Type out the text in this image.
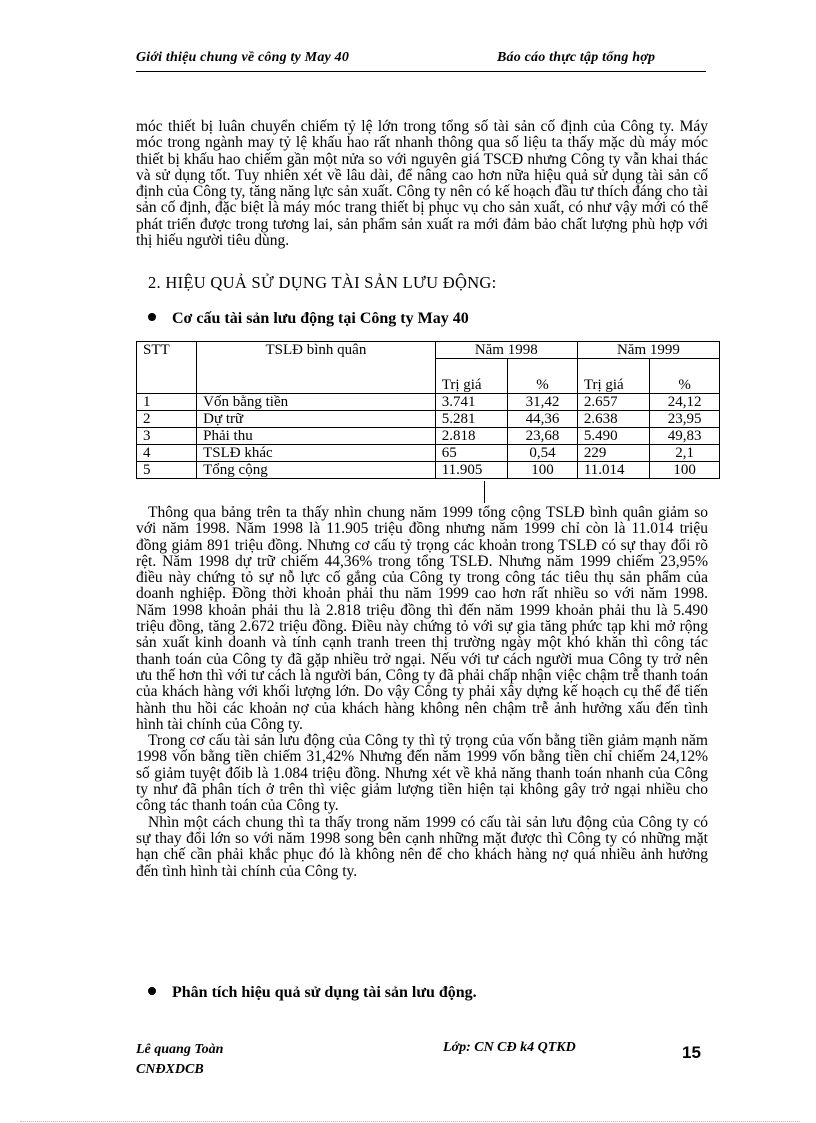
Giới thiệu chung về công ty May 40	Báo cáo thực tập tổng hợp

móc thiết bị luân chuyển chiếm tỷ lệ lớn trong tổng số tài sản cố định của Công ty. Máy móc trong ngành may tỷ lệ khấu hao rất nhanh thông qua số liệu ta thấy mặc dù máy móc thiết bị khấu hao chiếm gần một nửa so với nguyên giá TSCĐ nhưng Công ty vẫn khai thác và sử dụng tốt. Tuy nhiên xét về lâu dài, để nâng cao hơn nữa hiệu quả sử dụng tài sản cố định của Công ty, tăng năng lực sản xuất. Công ty nên có kế hoạch đầu tư thích đáng cho tài sản cố định, đặc biệt là máy móc trang thiết bị phục vụ cho sản xuất, có như vậy mới có thể phát triển được trong tương lai, sản phẩm sản xuất ra mới đảm bảo chất lượng phù hợp với thị hiếu người tiêu dùng.

2. HIỆU QUẢ SỬ DỤNG TÀI SẢN LƯU ĐỘNG:
Cơ cấu tài sản lưu động tại Công ty May 40
STT	TSLĐ bình quân	Năm 1998		Năm 1999	
		Trị giá	%	Trị giá	%
1	Vốn bằng tiền	3.741	31,42	2.657	24,12
2	Dự trữ	5.281	44,36	2.638	23,95
3	Phải thu	2.818	23,68	5.490	49,83
4	TSLĐ khác	65	0,54	229	2,1
5	Tổng cộng	11.905	100	11.014	100

Thông qua bảng trên ta thấy nhìn chung năm 1999 tổng cộng TSLĐ bình quân giảm so với năm 1998. Năm 1998 là 11.905 triệu đồng nhưng năm 1999 chỉ còn là 11.014 triệu đồng giảm 891 triệu đồng. Nhưng cơ cấu tỷ trọng các khoản trong TSLĐ có sự thay đổi rõ rệt. Năm 1998 dự trữ chiếm 44,36% trong tổng TSLĐ. Nhưng năm 1999 chiếm 23,95% điều này chứng tỏ sự nỗ lực cố gắng của Công ty trong công tác tiêu thụ sản phẩm của doanh nghiệp. Đồng thời khoản phải thu năm 1999 cao hơn rất nhiều so với năm 1998. Năm 1998 khoản phải thu là 2.818 triệu đồng thì đến năm 1999 khoản phải thu là 5.490 triệu đồng, tăng 2.672 triệu đồng. Điều này chứng tỏ với sự gia tăng phức tạp khi mở rộng sản xuất kinh doanh và tính cạnh tranh treen thị trường ngày một khó khăn thì công tác thanh toán của Công ty đã gặp nhiều trở ngại. Nếu với tư cách người mua Công ty trở nên ưu thế hơn thì với tư cách là người bán, Công ty đã phải chấp nhận việc chậm trễ thanh toán của khách hàng với khối lượng lớn. Do vậy Công ty phải xây dựng kế hoạch cụ thể để tiến hành thu hồi các khoản nợ của khách hàng không nên chậm trễ ảnh hưởng xấu đến tình hình tài chính của Công ty.

Trong cơ cấu tài sản lưu động của Công ty thì tỷ trọng của vốn bằng tiền giảm mạnh năm 1998 vốn bằng tiền chiếm 31,42% Nhưng đến năm 1999 vốn bằng tiền chỉ chiếm 24,12% số giảm tuyệt đốib là 1.084 triệu đồng. Nhưng xét về khả năng thanh toán nhanh của Công ty như đã phân tích ở trên thì việc giảm lượng tiền hiện tại không gây trở ngại nhiều cho công tác thanh toán của Công ty.

Nhìn một cách chung thì ta thấy trong năm 1999 có cấu tài sản lưu động của Công ty có sự thay đổi lớn so với năm 1998 song bên cạnh những mặt được thì Công ty có những mặt hạn chế cần phải khắc phục đó là không nên để cho khách hàng nợ quá nhiều ảnh hưởng đến tình hình tài chính của Công ty.

Phân tích hiệu quả sử dụng tài sản lưu động.
Lê quang Toàn
CNĐXDCB
Lớp: CN CĐ k4 QTKD	15
